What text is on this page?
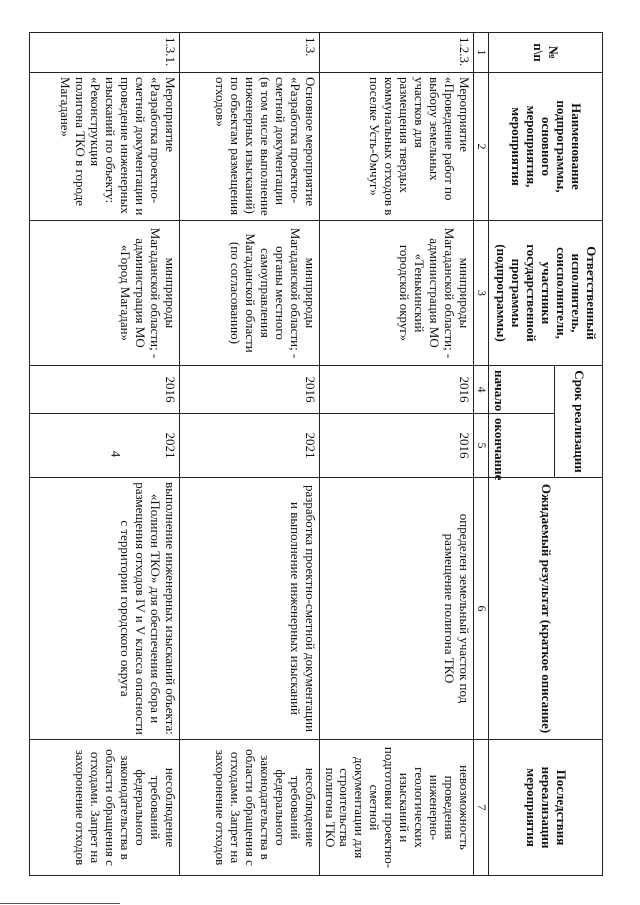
4
№ п\п	Наименование подпрограммы, основного мероприятия, мероприятия	Ответственный исполнитель, соисполнители, участники государственной программы (подпрограммы)	Срок реализации		Ожидаемый результат (краткое описание)	Последствия нереализации мероприятия
			начало	окончание		
1	2	3	4	5	6	7
1.2.3.	Мероприятие «Проведение работ по выбору земельных участков для размещения твердых коммунальных отходов в поселке Усть-Омчуг»	минприроды Магаданской области; - администрация МО «Тенькинский городской округ»	2016	2016	определен земельный участок под размещение полигона ТКО	невозможность проведения инженерно-геологических изысканий и подготовки проектно-сметной документации для строительства полигона ТКО
1.3.	Основное мероприятие «Разработка проектно-сметной документации (в том числе выполнение инженерных изысканий) по объектам размещения отходов»	минприроды Магаданской области; - органы местного самоуправления Магаданской области (по согласованию)	2016	2021	разработка проектно-сметной документации и выполнение инженерных изысканий	несоблюдение требований федерального законодательства в области обращения с отходами. Запрет на захоронение отходов
1.3.1.	Мероприятие «Разработка проектно-сметной документации и проведение инженерных изысканий по объекту: «Реконструкция полигона ТКО в городе Магадане»	минприроды Магаданской области; - администрация МО «Город Магадан»	2016	2021	выполнение инженерных изысканий объекта: «Полигон ТКО» для обеспечения сбора и размещения отходов IV и V класса опасности с территории городского округа	несоблюдение требований федерального законодательства в области обращения с отходами. Запрет на захоронение отходов
